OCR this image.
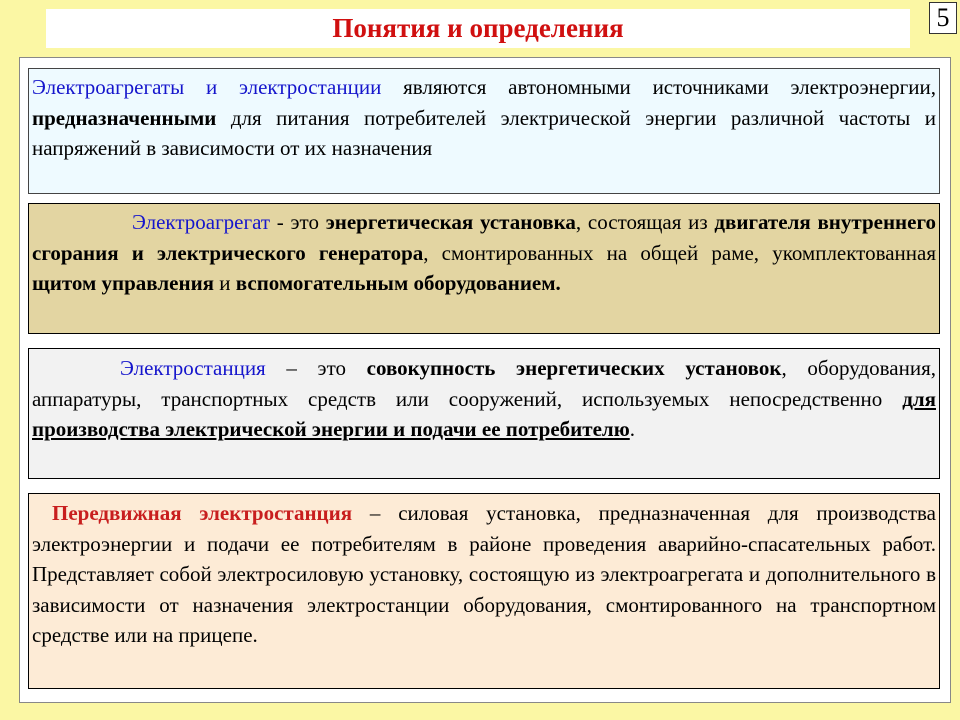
Понятия и определения	5

Электроагрегаты и электростанции являются автономными источниками электроэнергии, предназначенными для питания потребителей электрической энергии различной частоты и напряжений в зависимости от их назначения

Электроагрегат - это энергетическая установка, состоящая из двигателя внутреннего сгорания и электрического генератора, смонтированных на общей раме, укомплектованная щитом управления и вспомогательным оборудованием.

Электростанция – это совокупность энергетических установок, оборудования, аппаратуры, транспортных средств или сооружений, используемых непосредственно для производства электрической энергии и подачи ее потребителю.

Передвижная электростанция – силовая установка, предназначенная для производства электроэнергии и подачи ее потребителям в районе проведения аварийно-спасательных работ. Представляет собой электросиловую установку, состоящую из электроагрегата и дополнительного в зависимости от назначения электростанции оборудования, смонтированного на транспортном средстве или на прицепе.
